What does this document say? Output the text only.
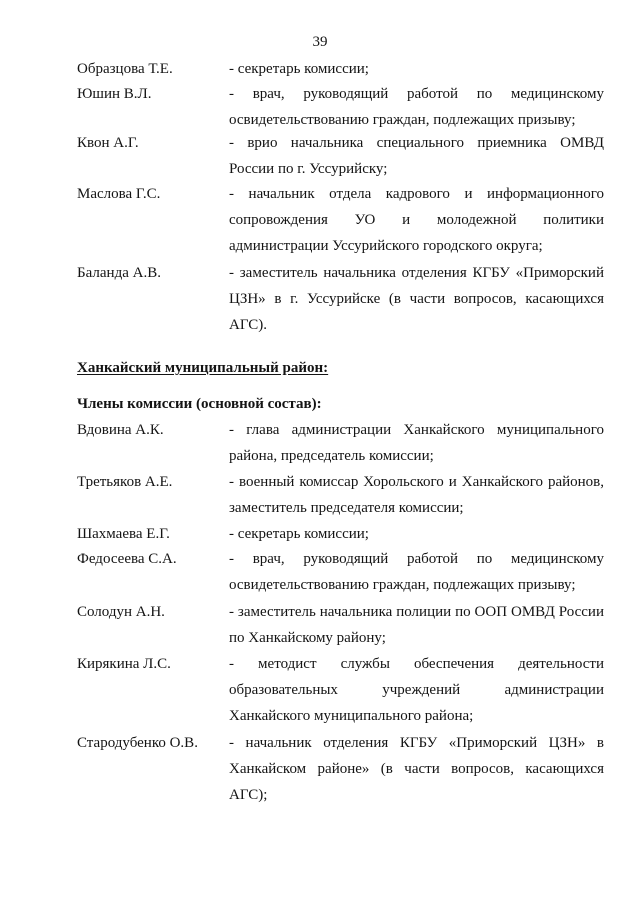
39
Образцова Т.Е.	- секретарь комиссии;
Юшин В.Л.	- врач, руководящий работой по медицинскому освидетельствованию граждан, подлежащих призыву;
Квон А.Г.	- врио начальника специального приемника ОМВД России по г. Уссурийску;
Маслова Г.С.	- начальник отдела кадрового и информационного сопровождения УО и молодежной политики администрации Уссурийского городского округа;
Баланда А.В.	- заместитель начальника отделения КГБУ «Приморский ЦЗН» в г. Уссурийске (в части вопросов, касающихся АГС).
Ханкайский муниципальный район:
Члены комиссии (основной состав):
Вдовина А.К.	- глава администрации Ханкайского муниципального района, председатель комиссии;
Третьяков А.Е.	- военный комиссар Хорольского и Ханкайского районов, заместитель председателя комиссии;
Шахмаева Е.Г.	- секретарь комиссии;
Федосеева С.А.	- врач, руководящий работой по медицинскому освидетельствованию граждан, подлежащих призыву;
Солодун А.Н.	- заместитель начальника полиции по ООП ОМВД России по Ханкайскому району;
Кирякина Л.С.	- методист службы обеспечения деятельности образовательных учреждений администрации Ханкайского муниципального района;
Стародубенко О.В. - начальник отделения КГБУ «Приморский ЦЗН» в Ханкайском районе» (в части вопросов, касающихся АГС);
